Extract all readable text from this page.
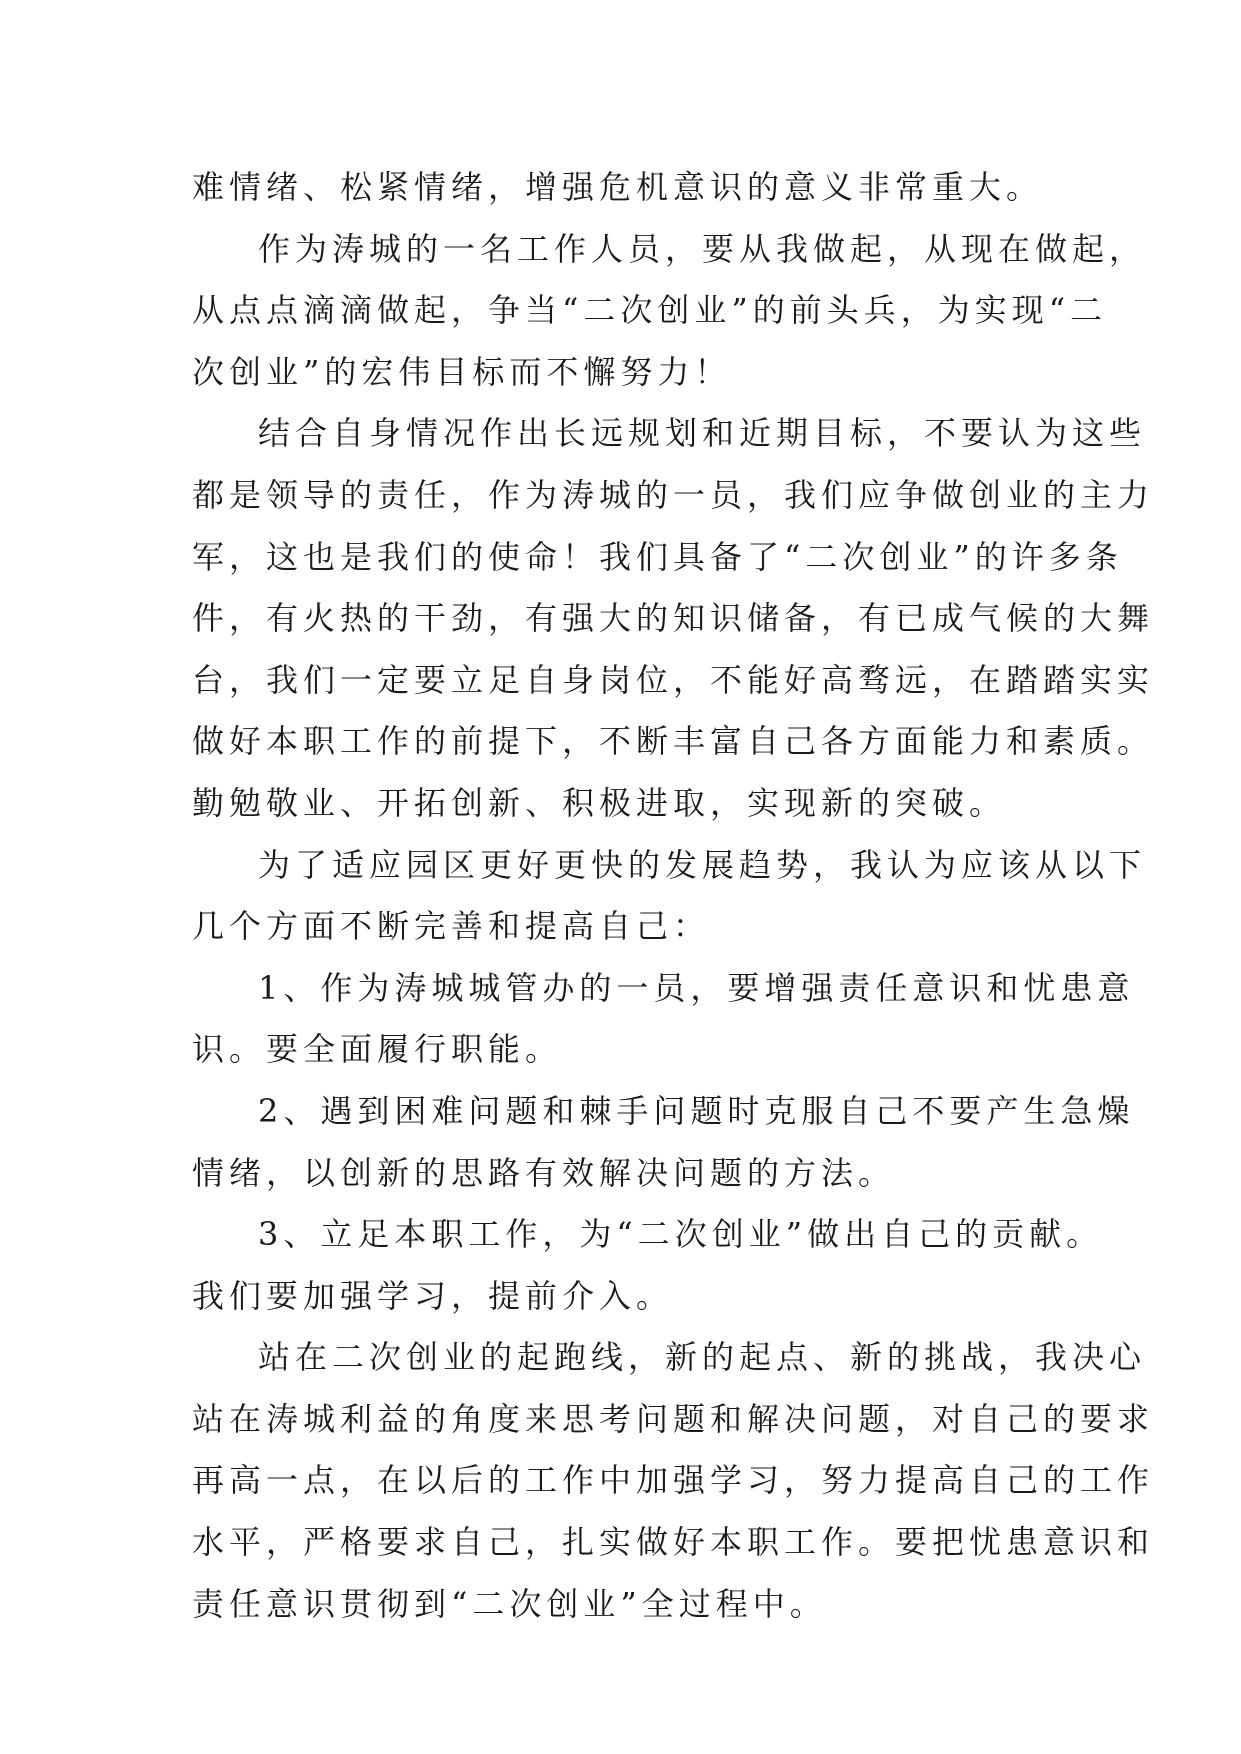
难情绪、松紧情绪，增强危机意识的意义非常重大。
作为涛城的一名工作人员，要从我做起，从现在做起，
从点点滴滴做起，争当“二次创业”的前头兵，为实现“二
次创业”的宏伟目标而不懈努力！
结合自身情况作出长远规划和近期目标，不要认为这些
都是领导的责任，作为涛城的一员，我们应争做创业的主力
军，这也是我们的使命！我们具备了“二次创业”的许多条
件，有火热的干劲，有强大的知识储备，有已成气候的大舞
台，我们一定要立足自身岗位，不能好高骛远，在踏踏实实
做好本职工作的前提下，不断丰富自己各方面能力和素质。
勤勉敬业、开拓创新、积极进取，实现新的突破。
为了适应园区更好更快的发展趋势，我认为应该从以下
几个方面不断完善和提高自己：
1、作为涛城城管办的一员，要增强责任意识和忧患意
识。要全面履行职能。
2、遇到困难问题和棘手问题时克服自己不要产生急燥
情绪，以创新的思路有效解决问题的方法。
3、立足本职工作，为“二次创业”做出自己的贡献。
我们要加强学习，提前介入。
站在二次创业的起跑线，新的起点、新的挑战，我决心
站在涛城利益的角度来思考问题和解决问题，对自己的要求
再高一点，在以后的工作中加强学习，努力提高自己的工作
水平，严格要求自己，扎实做好本职工作。要把忧患意识和
责任意识贯彻到“二次创业”全过程中。
